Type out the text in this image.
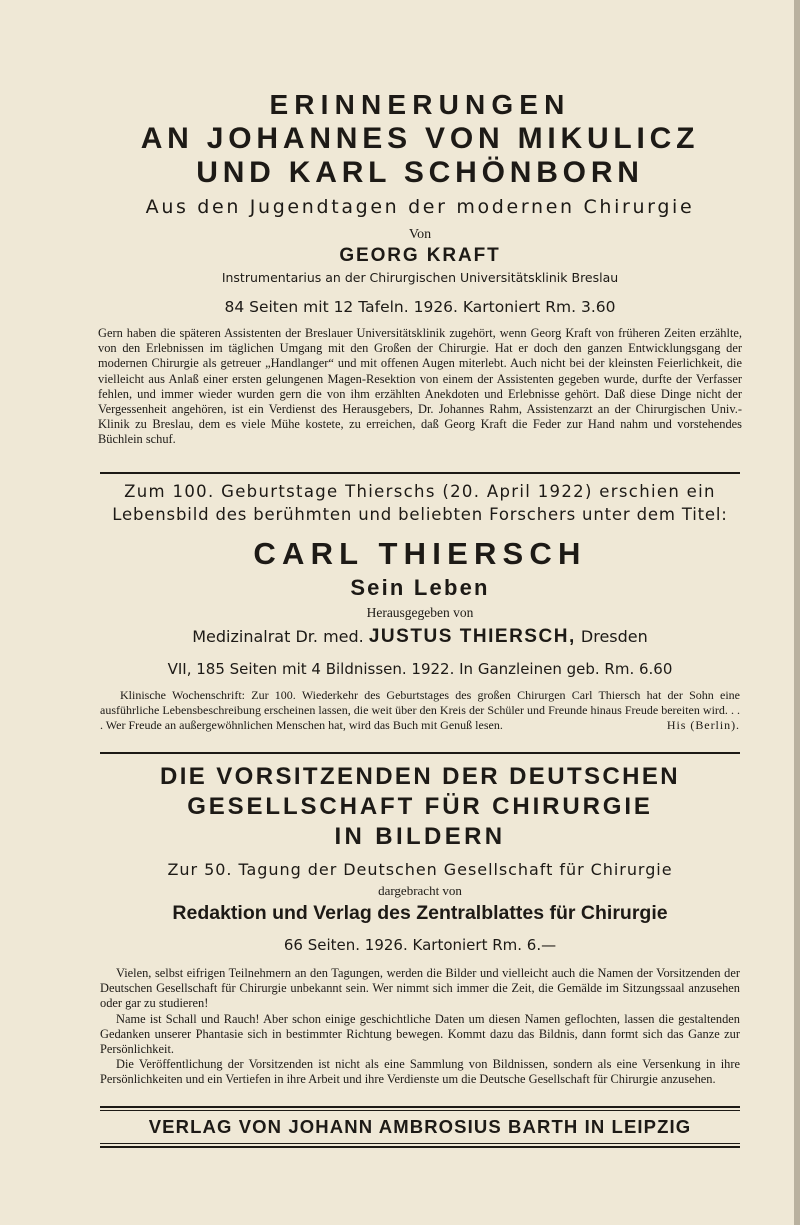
ERINNERUNGEN

AN JOHANNES VON MIKULICZ

UND KARL SCHÖNBORN

Aus den Jugendtagen der modernen Chirurgie

Von

GEORG KRAFT

Instrumentarius an der Chirurgischen Universitätsklinik Breslau

84 Seiten mit 12 Tafeln. 1926. Kartoniert Rm. 3.60

Gern haben die späteren Assistenten der Breslauer Universitätsklinik zugehört, wenn Georg Kraft von früheren Zeiten erzählte, von den Erlebnissen im täglichen Umgang mit den Großen der Chirurgie. Hat er doch den ganzen Entwicklungsgang der modernen Chirurgie als getreuer „Handlanger“ und mit offenen Augen miterlebt. Auch nicht bei der kleinsten Feierlichkeit, die vielleicht aus Anlaß einer ersten gelungenen Magen-Resektion von einem der Assistenten gegeben wurde, durfte der Verfasser fehlen, und immer wieder wurden gern die von ihm erzählten Anekdoten und Erlebnisse gehört. Daß diese Dinge nicht der Vergessenheit angehören, ist ein Verdienst des Herausgebers, Dr. Johannes Rahm, Assistenzarzt an der Chirurgischen Univ.-Klinik zu Breslau, dem es viele Mühe kostete, zu erreichen, daß Georg Kraft die Feder zur Hand nahm und vorstehendes Büchlein schuf.

Zum 100. Geburtstage Thierschs (20. April 1922) erschien ein

Lebensbild des berühmten und beliebten Forschers unter dem Titel:

CARL THIERSCH

Sein Leben

Herausgegeben von

Medizinalrat Dr. med. JUSTUS THIERSCH, Dresden

VII, 185 Seiten mit 4 Bildnissen. 1922. In Ganzleinen geb. Rm. 6.60

Klinische Wochenschrift: Zur 100. Wiederkehr des Geburtstages des großen Chirurgen Carl Thiersch hat der Sohn eine ausführliche Lebensbeschreibung erscheinen lassen, die weit über den Kreis der Schüler und Freunde hinaus Freude bereiten wird. . . . Wer Freude an außergewöhnlichen Menschen hat, wird das Buch mit Genuß lesen.	His (Berlin).

DIE VORSITZENDEN DER DEUTSCHEN

GESELLSCHAFT FÜR CHIRURGIE

IN BILDERN

Zur 50. Tagung der Deutschen Gesellschaft für Chirurgie

dargebracht von

Redaktion und Verlag des Zentralblattes für Chirurgie

66 Seiten. 1926. Kartoniert Rm. 6.—

Vielen, selbst eifrigen Teilnehmern an den Tagungen, werden die Bilder und vielleicht auch die Namen der Vorsitzenden der Deutschen Gesellschaft für Chirurgie unbekannt sein. Wer nimmt sich immer die Zeit, die Gemälde im Sitzungssaal anzusehen oder gar zu studieren!

Name ist Schall und Rauch! Aber schon einige geschichtliche Daten um diesen Namen geflochten, lassen die gestaltenden Gedanken unserer Phantasie sich in bestimmter Richtung bewegen. Kommt dazu das Bildnis, dann formt sich das Ganze zur Persönlichkeit.

Die Veröffentlichung der Vorsitzenden ist nicht als eine Sammlung von Bildnissen, sondern als eine Versenkung in ihre Persönlichkeiten und ein Vertiefen in ihre Arbeit und ihre Verdienste um die Deutsche Gesellschaft für Chirurgie anzusehen.

VERLAG VON JOHANN AMBROSIUS BARTH IN LEIPZIG
